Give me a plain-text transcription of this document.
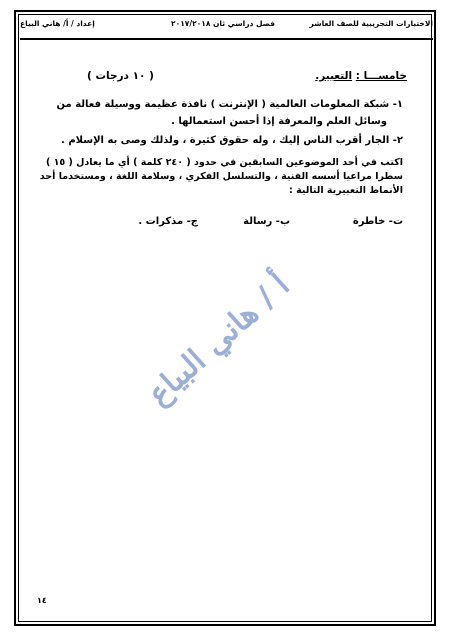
الاختبارات التجريبية للصف العاشر
فصل دراسي ثان ٢٠١٧/٢٠١٨
إعداد / أ/ هاني البياع
خامســـا : التعبير.
( ١٠ درجات )
١- شبكة المعلومات العالمية ( الإنترنت ) نافذة عظيمة ووسيلة فعالة من
وسائل العلم والمعرفة إذا أحسن استعمالها .
٢- الجار أقرب الناس إليك ، وله حقوق كثيرة ، ولذلك وصى به الإسلام .
اكتب في أحد الموضوعين السابقين في حدود ( ٢٤٠ كلمة ) أي ما يعادل ( ١٥ )
سطرا مراعيا أسسه الفنية ، والتسلسل الفكري ، وسلامة اللغة ، ومستخدما أحد
الأنماط التعبيرية التالية :
ت- خاطرة
ب- رسالة
ج- مذكرات .
أ / هاني البياع
١٤
